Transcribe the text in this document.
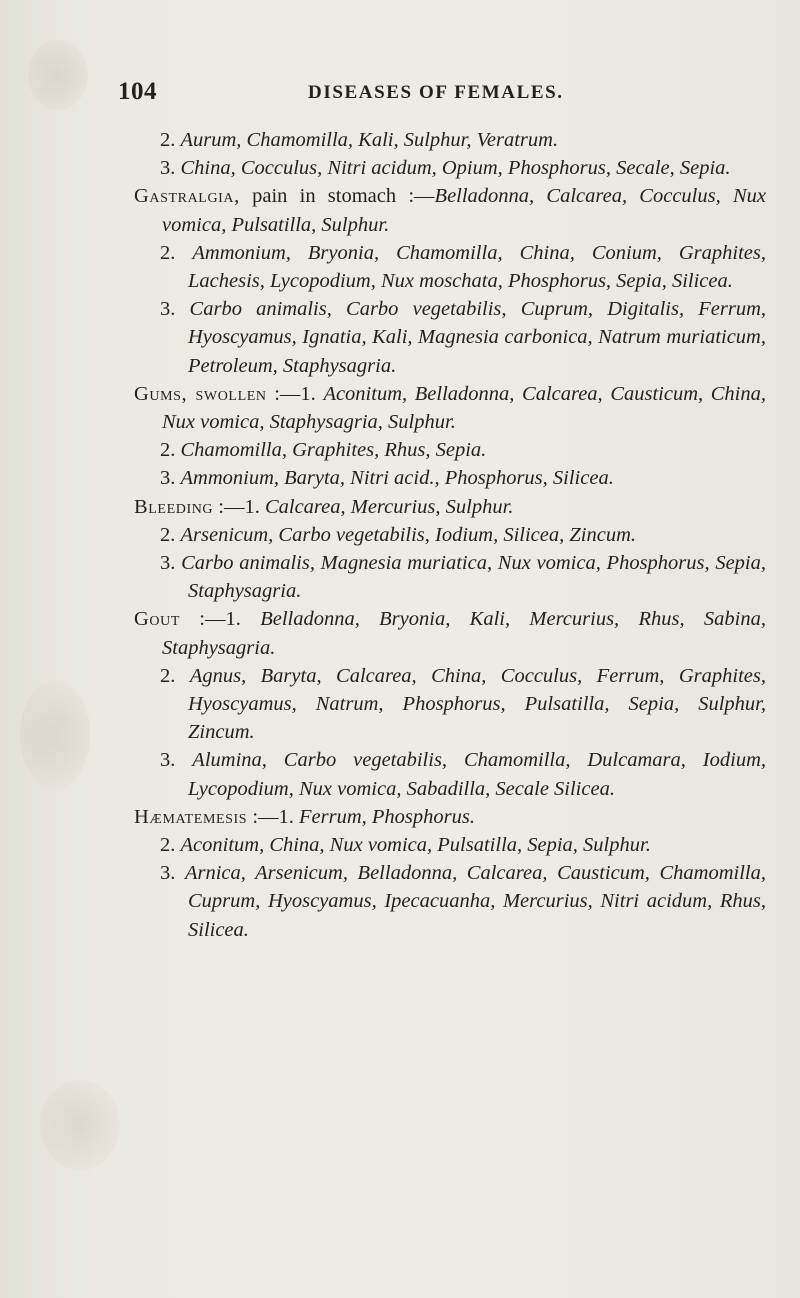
104	DISEASES OF FEMALES.

2. Aurum, Chamomilla, Kali, Sulphur, Veratrum.

3. China, Cocculus, Nitri acidum, Opium, Phosphorus, Secale, Sepia.

Gastralgia, pain in stomach :—Belladonna, Calcarea, Cocculus, Nux vomica, Pulsatilla, Sulphur.

2. Ammonium, Bryonia, Chamomilla, China, Conium, Graphites, Lachesis, Lycopodium, Nux moschata, Phosphorus, Sepia, Silicea.

3. Carbo animalis, Carbo vegetabilis, Cuprum, Digitalis, Ferrum, Hyoscyamus, Ignatia, Kali, Magnesia carbonica, Natrum muriaticum, Petroleum, Staphysagria.

Gums, swollen :—1. Aconitum, Belladonna, Calcarea, Causticum, China, Nux vomica, Staphysagria, Sulphur.

2. Chamomilla, Graphites, Rhus, Sepia.

3. Ammonium, Baryta, Nitri acid., Phosphorus, Silicea.

Bleeding :—1. Calcarea, Mercurius, Sulphur.

2. Arsenicum, Carbo vegetabilis, Iodium, Silicea, Zincum.

3. Carbo animalis, Magnesia muriatica, Nux vomica, Phosphorus, Sepia, Staphysagria.

Gout :—1. Belladonna, Bryonia, Kali, Mercurius, Rhus, Sabina, Staphysagria.

2. Agnus, Baryta, Calcarea, China, Cocculus, Ferrum, Graphites, Hyoscyamus, Natrum, Phosphorus, Pulsatilla, Sepia, Sulphur, Zincum.

3. Alumina, Carbo vegetabilis, Chamomilla, Dulcamara, Iodium, Lycopodium, Nux vomica, Sabadilla, Secale Silicea.

Hæmatemesis :—1. Ferrum, Phosphorus.

2. Aconitum, China, Nux vomica, Pulsatilla, Sepia, Sulphur.

3. Arnica, Arsenicum, Belladonna, Calcarea, Causticum, Chamomilla, Cuprum, Hyoscyamus, Ipecacuanha, Mercurius, Nitri acidum, Rhus, Silicea.
